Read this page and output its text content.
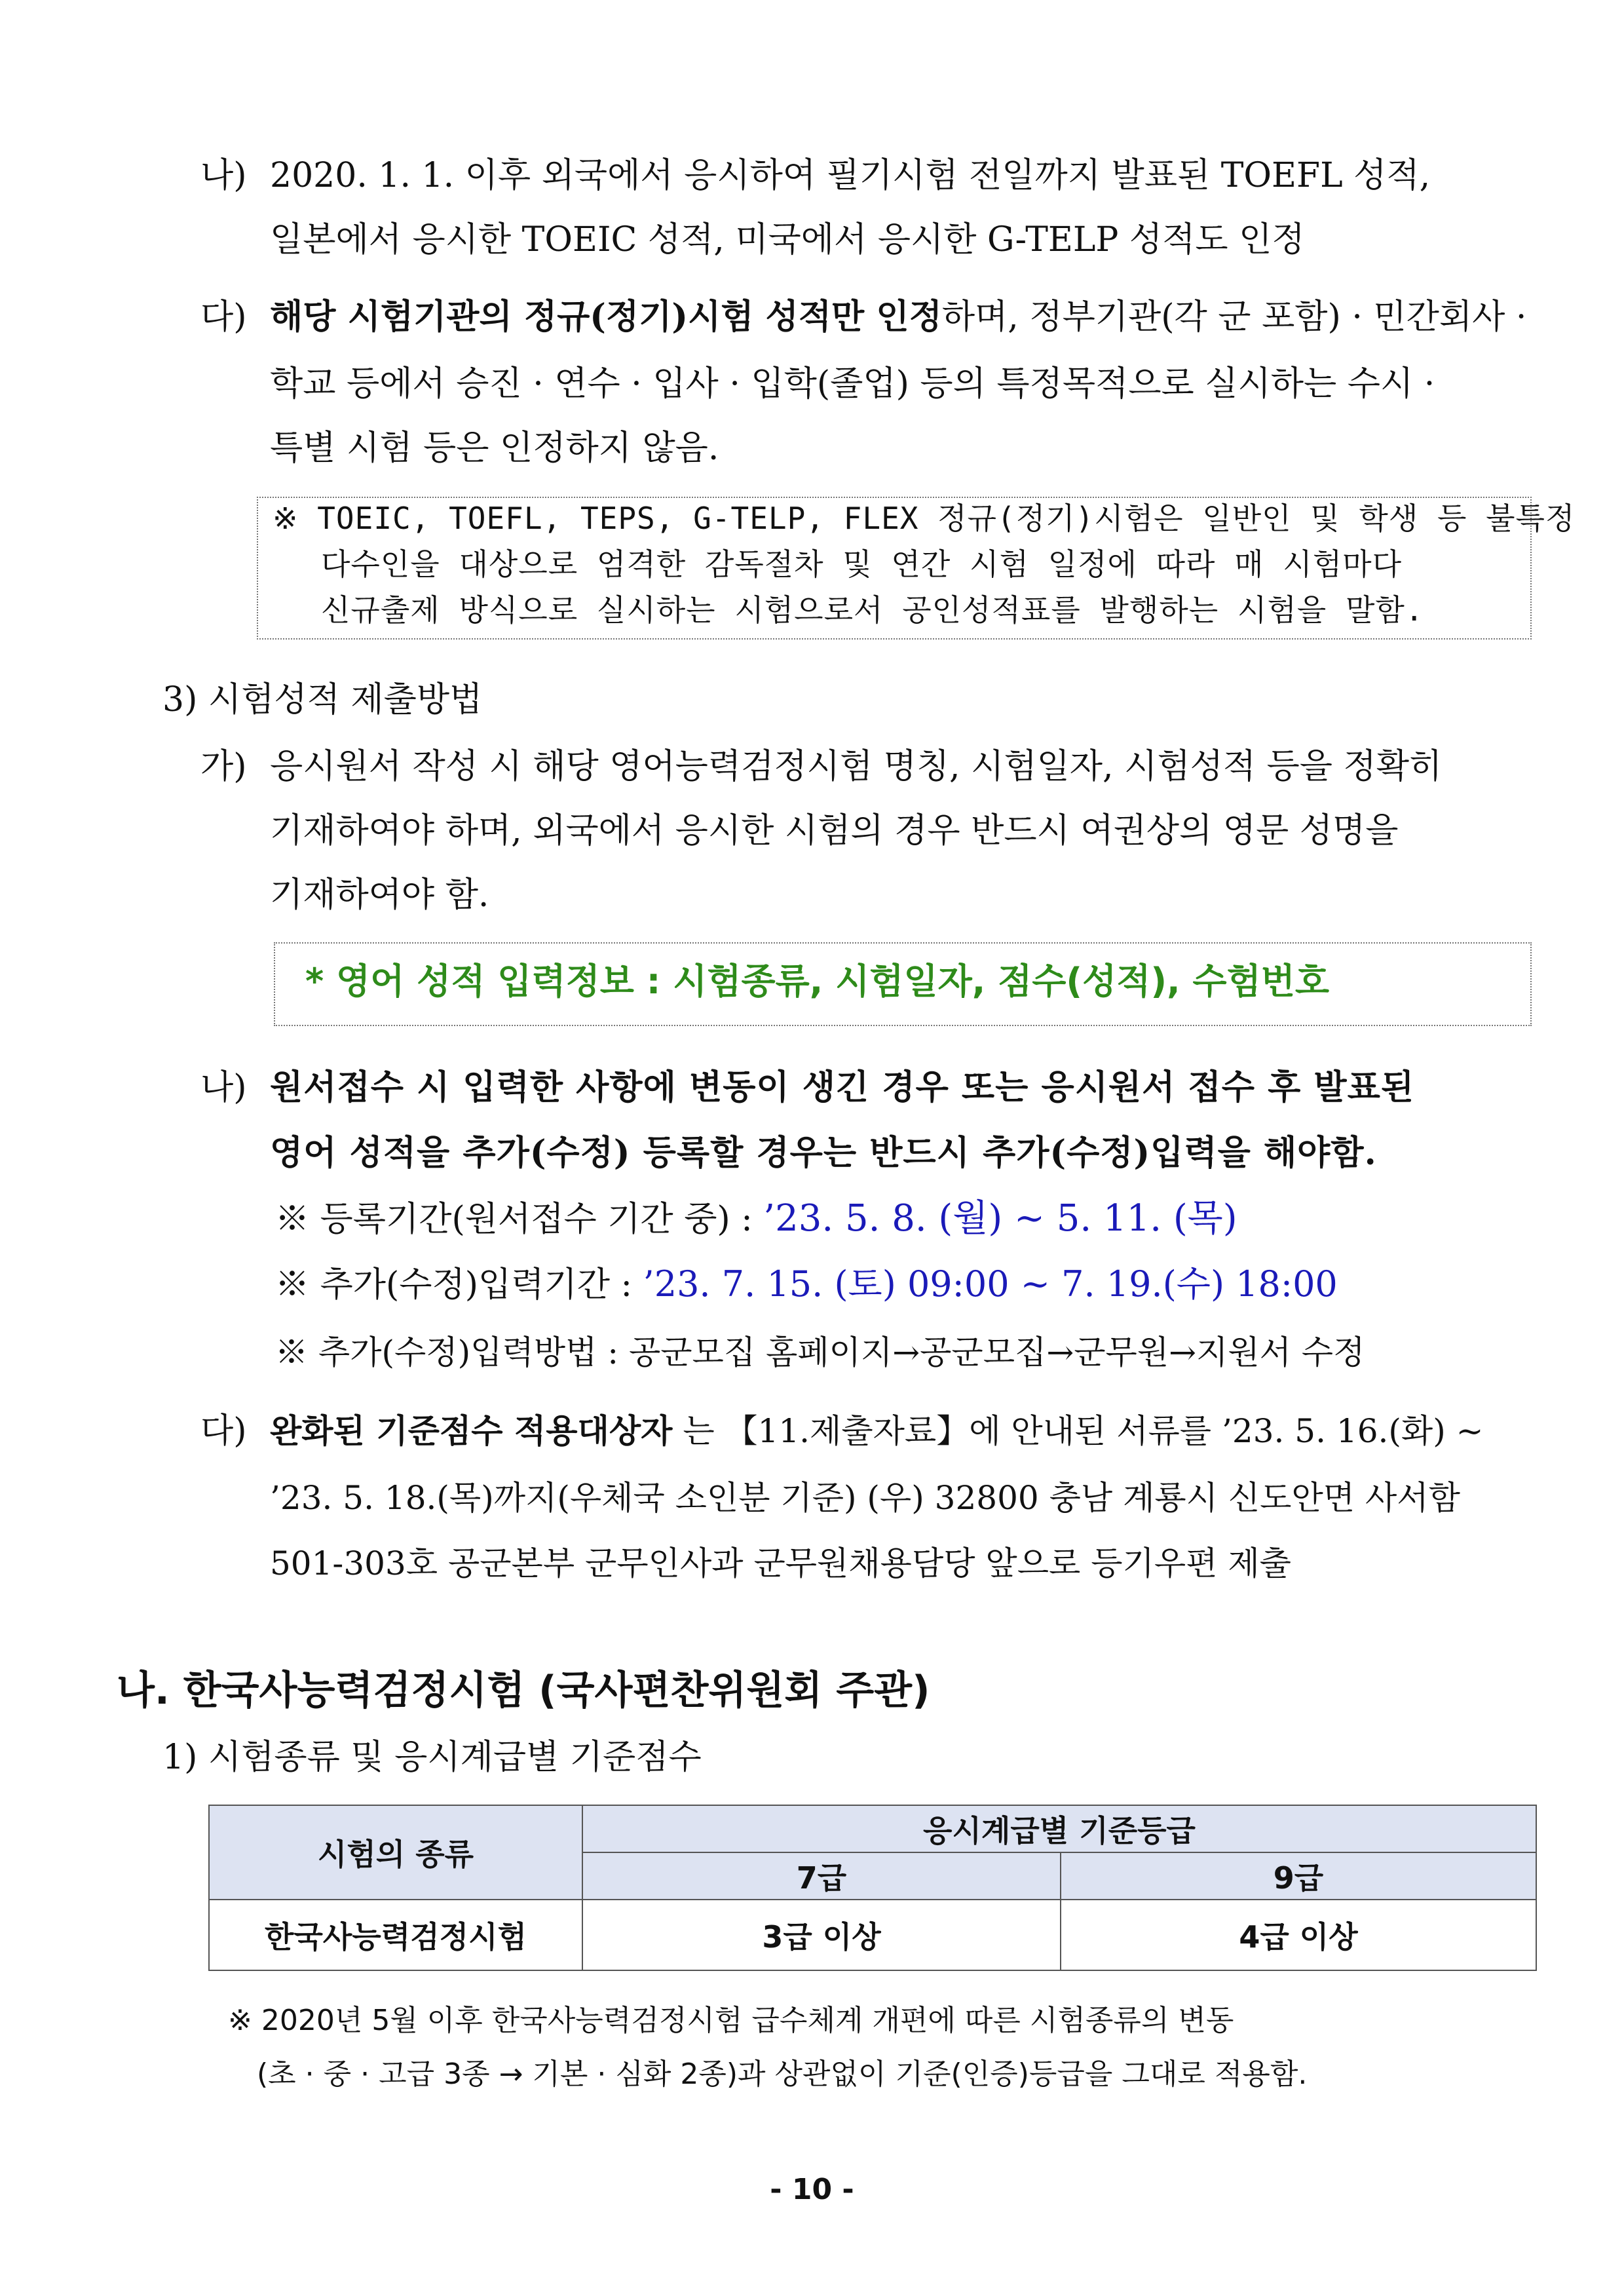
나) 2020. 1. 1. 이후 외국에서 응시하여 필기시험 전일까지 발표된 TOEFL 성적,
일본에서 응시한 TOEIC 성적, 미국에서 응시한 G-TELP 성적도 인정
다) 해당 시험기관의 정규(정기)시험 성적만 인정하며, 정부기관(각 군 포함) · 민간회사 ·
학교 등에서 승진 · 연수 · 입사 · 입학(졸업) 등의 특정목적으로 실시하는 수시 ·
특별 시험 등은 인정하지 않음.
※ TOEIC, TOEFL, TEPS, G-TELP, FLEX 정규(정기)시험은 일반인 및 학생 등 불특정
다수인을 대상으로 엄격한 감독절차 및 연간 시험 일정에 따라 매 시험마다
신규출제 방식으로 실시하는 시험으로서 공인성적표를 발행하는 시험을 말함.
3) 시험성적 제출방법
가) 응시원서 작성 시 해당 영어능력검정시험 명칭, 시험일자, 시험성적 등을 정확히
기재하여야 하며, 외국에서 응시한 시험의 경우 반드시 여권상의 영문 성명을
기재하여야 함.
* 영어 성적 입력정보 : 시험종류, 시험일자, 점수(성적), 수험번호
나) 원서접수 시 입력한 사항에 변동이 생긴 경우 또는 응시원서 접수 후 발표된
영어 성적을 추가(수정) 등록할 경우는 반드시 추가(수정)입력을 해야함.
※ 등록기간(원서접수 기간 중) : ’23. 5. 8. (월) ~ 5. 11. (목)
※ 추가(수정)입력기간 : ’23. 7. 15. (토) 09:00 ~ 7. 19.(수) 18:00
※ 추가(수정)입력방법 : 공군모집 홈페이지→공군모집→군무원→지원서 수정
다) 완화된 기준점수 적용대상자 는 【11.제출자료】에 안내된 서류를 ’23. 5. 16.(화) ~
’23. 5. 18.(목)까지(우체국 소인분 기준) (우) 32800 충남 계룡시 신도안면 사서함
501-303호 공군본부 군무인사과 군무원채용담당 앞으로 등기우편 제출
나. 한국사능력검정시험 (국사편찬위원회 주관)
1) 시험종류 및 응시계급별 기준점수
시험의 종류	응시계급별 기준등급	
	7급	9급
한국사능력검정시험	3급 이상	4급 이상
※ 2020년 5월 이후 한국사능력검정시험 급수체계 개편에 따른 시험종류의 변동
(초 · 중 · 고급 3종 → 기본 · 심화 2종)과 상관없이 기준(인증)등급을 그대로 적용함.
- 10 -
